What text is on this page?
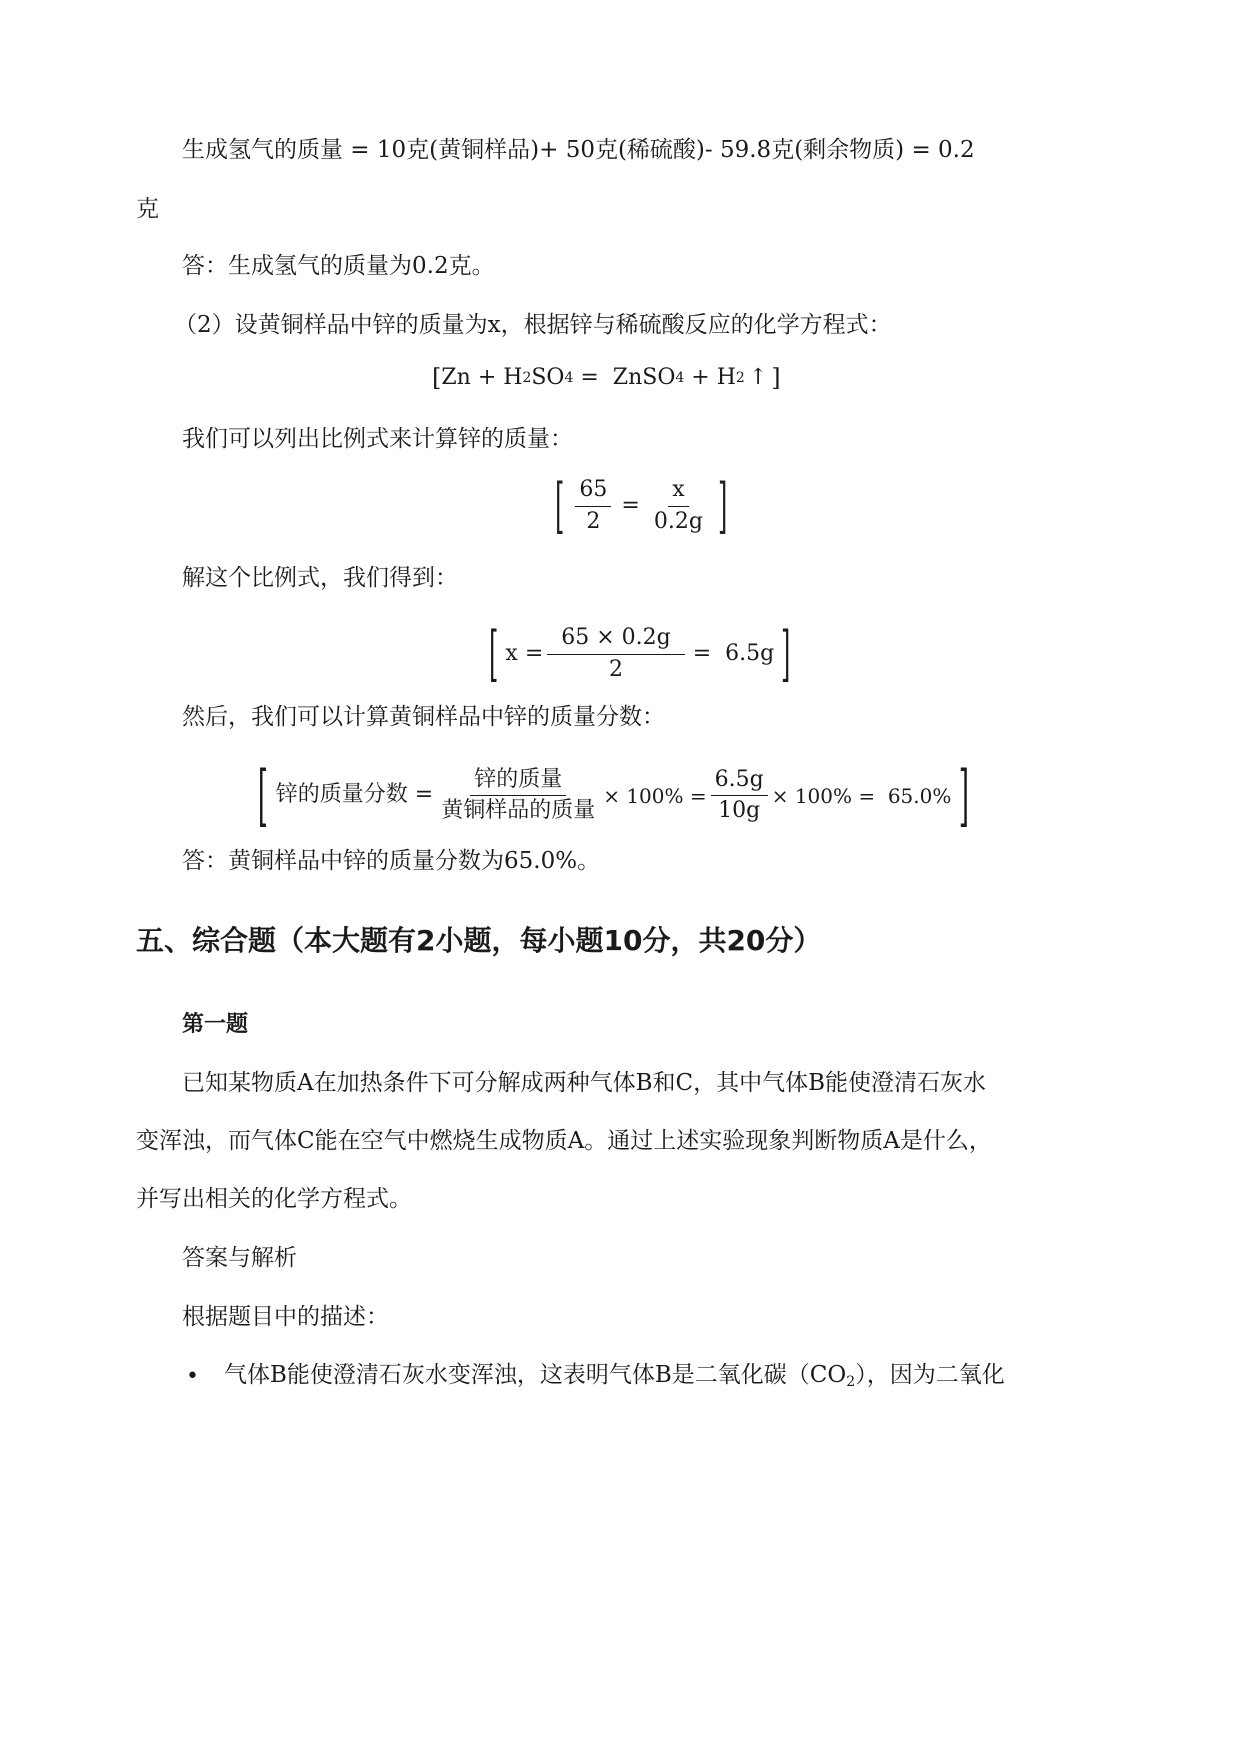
生成氢气的质量 = 10克(黄铜样品)+ 50克(稀硫酸)- 59.8克(剩余物质) = 0.2
克
答：生成氢气的质量为0.2克。
（2）设黄铜样品中锌的质量为x，根据锌与稀硫酸反应的化学方程式：
[ Zn + H 2 SO 4 =  ZnSO 4 + H 2 ↑ ]
我们可以列出比例式来计算锌的质量：
[ $\frac{65}{2} = \frac{x}{0.2g}$ ]
解这个比例式，我们得到：
[ $x = \frac{65 \times 0.2g}{2} = 6.5g$ ]
然后，我们可以计算黄铜样品中锌的质量分数：
[ 锌的质量分数 = $\frac{\text{锌的质量}}{\text{黄铜样品的质量}} \times 100\% = \frac{6.5g}{10g} \times 100\% = 65.0\%$ ]
答：黄铜样品中锌的质量分数为65.0%。
五、综合题（本大题有2小题，每小题10分，共20分）
第一题
已知某物质A在加热条件下可分解成两种气体B和C，其中气体B能使澄清石灰水
变浑浊，而气体C能在空气中燃烧生成物质A。通过上述实验现象判断物质A是什么，
并写出相关的化学方程式。
答案与解析
根据题目中的描述：
• 气体B能使澄清石灰水变浑浊，这表明气体B是二氧化碳$(CO_2)$，因为二氧化
